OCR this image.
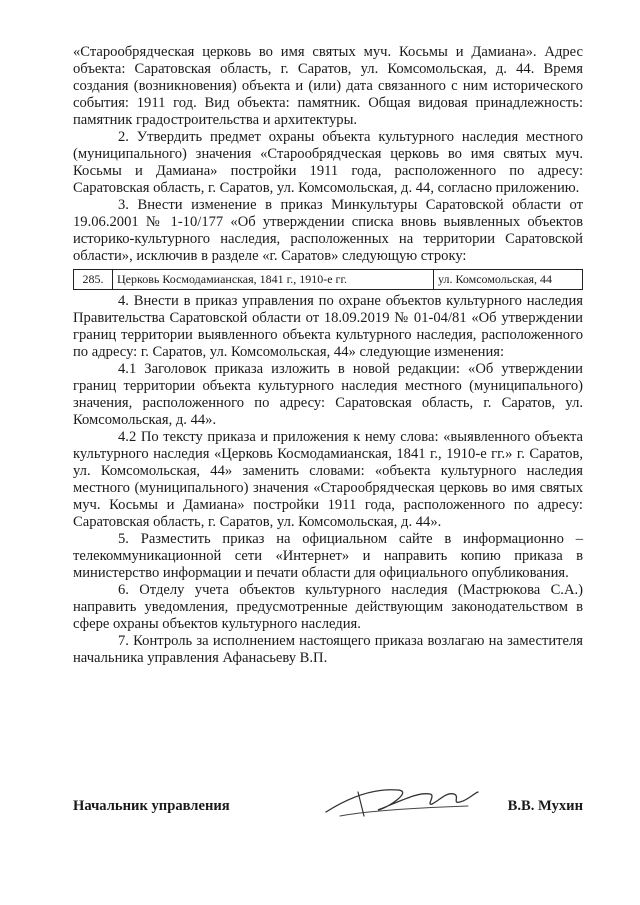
«Старообрядческая церковь во имя святых муч. Косьмы и Дамиана». Адрес объекта: Саратовская область, г. Саратов, ул. Комсомольская, д. 44. Время создания (возникновения) объекта и (или) дата связанного с ним исторического события: 1911 год. Вид объекта: памятник. Общая видовая принадлежность: памятник градостроительства и архитектуры.

2. Утвердить предмет охраны объекта культурного наследия местного (муниципального) значения «Старообрядческая церковь во имя святых муч. Косьмы и Дамиана» постройки 1911 года, расположенного по адресу: Саратовская область, г. Саратов, ул. Комсомольская, д. 44, согласно приложению.

3. Внести изменение в приказ Минкультуры Саратовской области от 19.06.2001 № 1-10/177 «Об утверждении списка вновь выявленных объектов историко-культурного наследия, расположенных на территории Саратовской области», исключив в разделе «г. Саратов» следующую строку:

285.	Церковь Космодамианская, 1841 г., 1910-е гг.	ул. Комсомольская, 44

4. Внести в приказ управления по охране объектов культурного наследия Правительства Саратовской области от 18.09.2019 № 01-04/81 «Об утверждении границ территории выявленного объекта культурного наследия, расположенного по адресу: г. Саратов, ул. Комсомольская, 44» следующие изменения:

4.1 Заголовок приказа изложить в новой редакции: «Об утверждении границ территории объекта культурного наследия местного (муниципального) значения, расположенного по адресу: Саратовская область, г. Саратов, ул. Комсомольская, д. 44».

4.2 По тексту приказа и приложения к нему слова: «выявленного объекта культурного наследия «Церковь Космодамианская, 1841 г., 1910-е гг.» г. Саратов, ул. Комсомольская, 44» заменить словами: «объекта культурного наследия местного (муниципального) значения «Старообрядческая церковь во имя святых муч. Косьмы и Дамиана» постройки 1911 года, расположенного по адресу: Саратовская область, г. Саратов, ул. Комсомольская, д. 44».

5. Разместить приказ на официальном сайте в информационно – телекоммуникационной сети «Интернет» и направить копию приказа в министерство информации и печати области для официального опубликования.

6. Отделу учета объектов культурного наследия (Мастрюкова С.А.) направить уведомления, предусмотренные действующим законодательством в сфере охраны объектов культурного наследия.

7. Контроль за исполнением настоящего приказа возлагаю на заместителя начальника управления Афанасьеву В.П.

Начальник управления	В.В. Мухин
